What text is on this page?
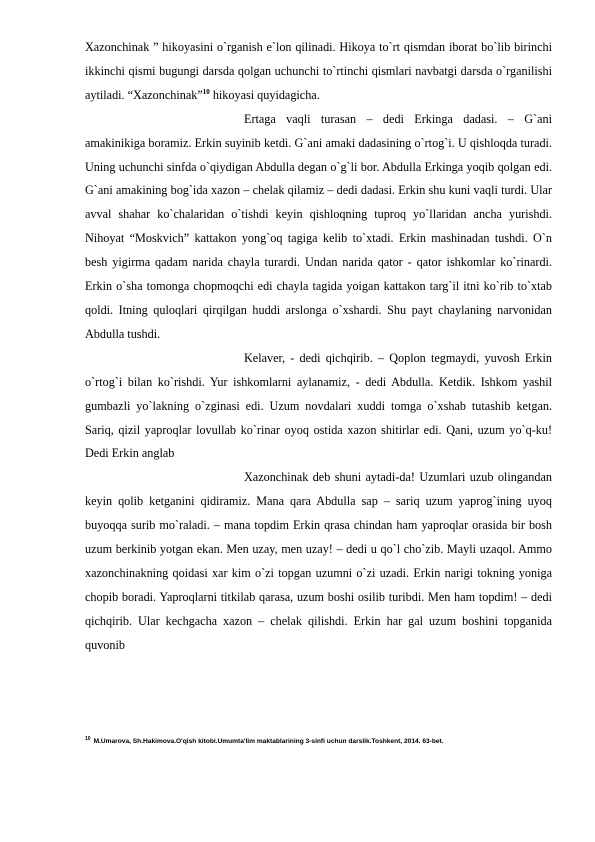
Xazonchinak ” hikoyasini o`rganish e`lon qilinadi. Hikoya to`rt qismdan iborat bo`lib birinchi ikkinchi qismi bugungi darsda qolgan uchunchi to`rtinchi qismlari navbatgi darsda o`rganilishi aytiladi. “Xazonchinak”$^{10}$ hikoyasi quyidagicha.

Ertaga vaqli turasan – dedi Erkinga dadasi. – G`ani amakinikiga boramiz. Erkin suyinib ketdi. G`ani amaki dadasining o`rtog`i. U qishloqda turadi. Uning uchunchi sinfda o`qiydigan Abdulla degan o`g`li bor. Abdulla Erkinga yoqib qolgan edi. G`ani amakining bog`ida xazon – chelak qilamiz – dedi dadasi. Erkin shu kuni vaqli turdi. Ular avval shahar ko`chalaridan o`tishdi keyin qishloqning tuproq yo`llaridan ancha yurishdi. Nihoyat “Moskvich” kattakon yong`oq tagiga kelib to`xtadi. Erkin mashinadan tushdi. O`n besh yigirma qadam narida chayla turardi. Undan narida qator - qator ishkomlar ko`rinardi. Erkin o`sha tomonga chopmoqchi edi chayla tagida yoigan kattakon targ`il itni ko`rib to`xtab qoldi. Itning quloqlari qirqilgan huddi arslonga o`xshardi. Shu payt chaylaning narvonidan Abdulla tushdi.

Kelaver, - dedi qichqirib. – Qoplon tegmaydi, yuvosh Erkin o`rtog`i bilan ko`rishdi. Yur ishkomlarni aylanamiz, - dedi Abdulla. Ketdik. Ishkom yashil gumbazli yo`lakning o`zginasi edi. Uzum novdalari xuddi tomga o`xshab tutashib ketgan. Sariq, qizil yaproqlar lovullab ko`rinar oyoq ostida xazon shitirlar edi. Qani, uzum yo`q-ku! Dedi Erkin anglab

Xazonchinak deb shuni aytadi-da! Uzumlari uzub olingandan keyin qolib ketganini qidiramiz. Mana qara Abdulla sap – sariq uzum yaprog`ining uyoq buyoqqa surib mo`raladi. – mana topdim Erkin qrasa chindan ham yaproqlar orasida bir bosh uzum berkinib yotgan ekan. Men uzay, men uzay! – dedi u qo`l cho`zib. Mayli uzaqol. Ammo xazonchinakning qoidasi xar kim o`zi topgan uzumni o`zi uzadi. Erkin narigi tokning yoniga chopib boradi. Yaproqlarni titkilab qarasa, uzum boshi osilib turibdi. Men ham topdim! – dedi qichqirib. Ular kechgacha xazon – chelak qilishdi. Erkin har gal uzum boshini topganida quvonib

$^{10}$ M.Umarova, Sh.Hakimova.O'qish kitobi.Umumta'lim maktablarining 3-sinfi uchun darslik.Toshkent, 2014. 63-bet.
